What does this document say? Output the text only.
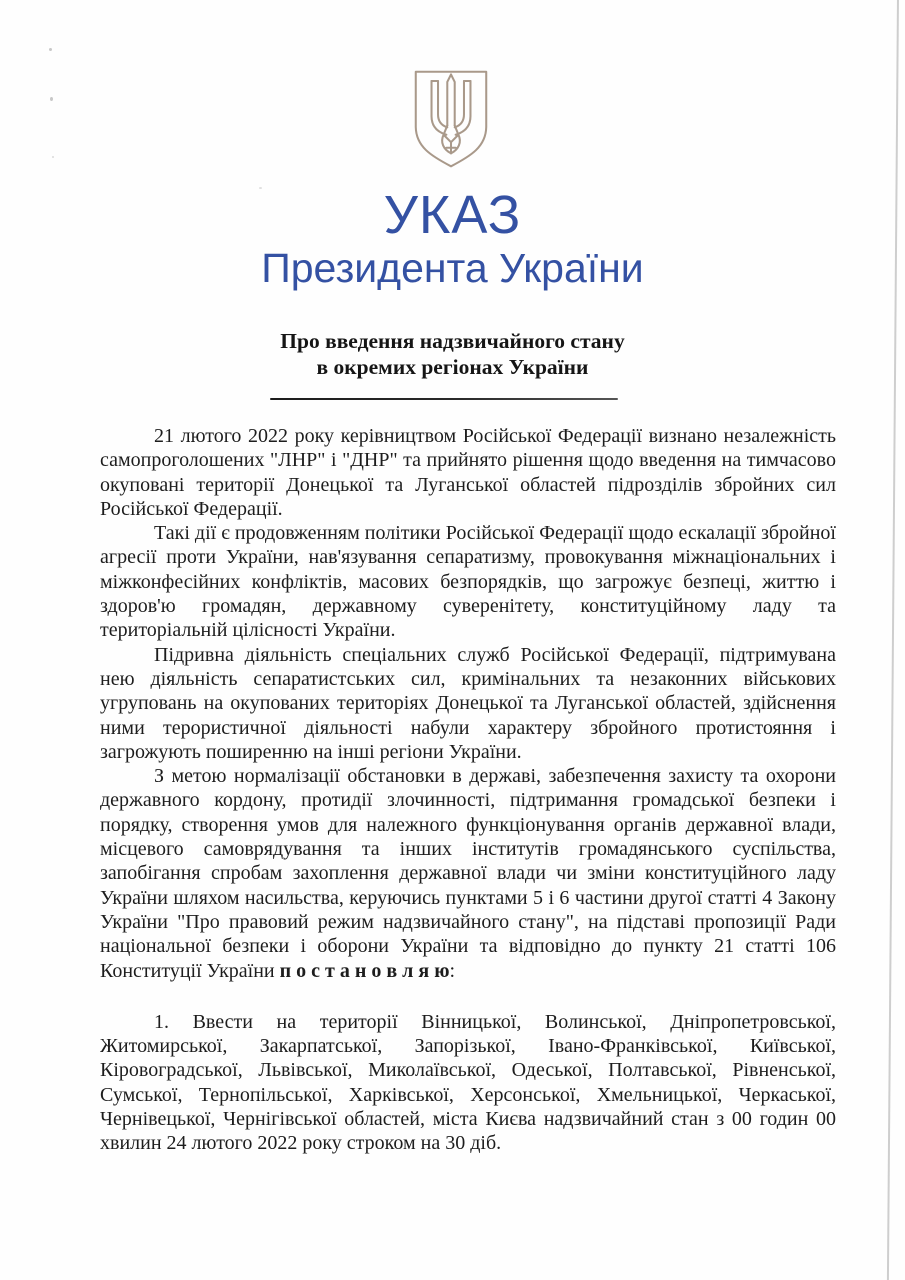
УКАЗ
Президента України
Про введення надзвичайного стану
в окремих регіонах України

21 лютого 2022 року керівництвом Російської Федерації визнано незалежність самопроголошених "ЛНР" і "ДНР" та прийнято рішення щодо введення на тимчасово окуповані території Донецької та Луганської областей підрозділів збройних сил Російської Федерації.

Такі дії є продовженням політики Російської Федерації щодо ескалації збройної агресії проти України, нав'язування сепаратизму, провокування міжнаціональних і міжконфесійних конфліктів, масових безпорядків, що загрожує безпеці, життю і здоров'ю громадян, державному суверенітету, конституційному ладу та територіальній цілісності України.

Підривна діяльність спеціальних служб Російської Федерації, підтримувана нею діяльність сепаратистських сил, кримінальних та незаконних військових угруповань на окупованих територіях Донецької та Луганської областей, здійснення ними терористичної діяльності набули характеру збройного протистояння і загрожують поширенню на інші регіони України.

З метою нормалізації обстановки в державі, забезпечення захисту та охорони державного кордону, протидії злочинності, підтримання громадської безпеки і порядку, створення умов для належного функціонування органів державної влади, місцевого самоврядування та інших інститутів громадянського суспільства, запобігання спробам захоплення державної влади чи зміни конституційного ладу України шляхом насильства, керуючись пунктами 5 і 6 частини другої статті 4 Закону України "Про правовий режим надзвичайного стану", на підставі пропозиції Ради національної безпеки і оборони України та відповідно до пункту 21 статті 106 Конституції України п о с т а н о в л я ю:

1. Ввести на території Вінницької, Волинської, Дніпропетровської, Житомирської, Закарпатської, Запорізької, Івано-Франківської, Київської, Кіровоградської, Львівської, Миколаївської, Одеської, Полтавської, Рівненської, Сумської, Тернопільської, Харківської, Херсонської, Хмельницької, Черкаської, Чернівецької, Чернігівської областей, міста Києва надзвичайний стан з 00 годин 00 хвилин 24 лютого 2022 року строком на 30 діб.
